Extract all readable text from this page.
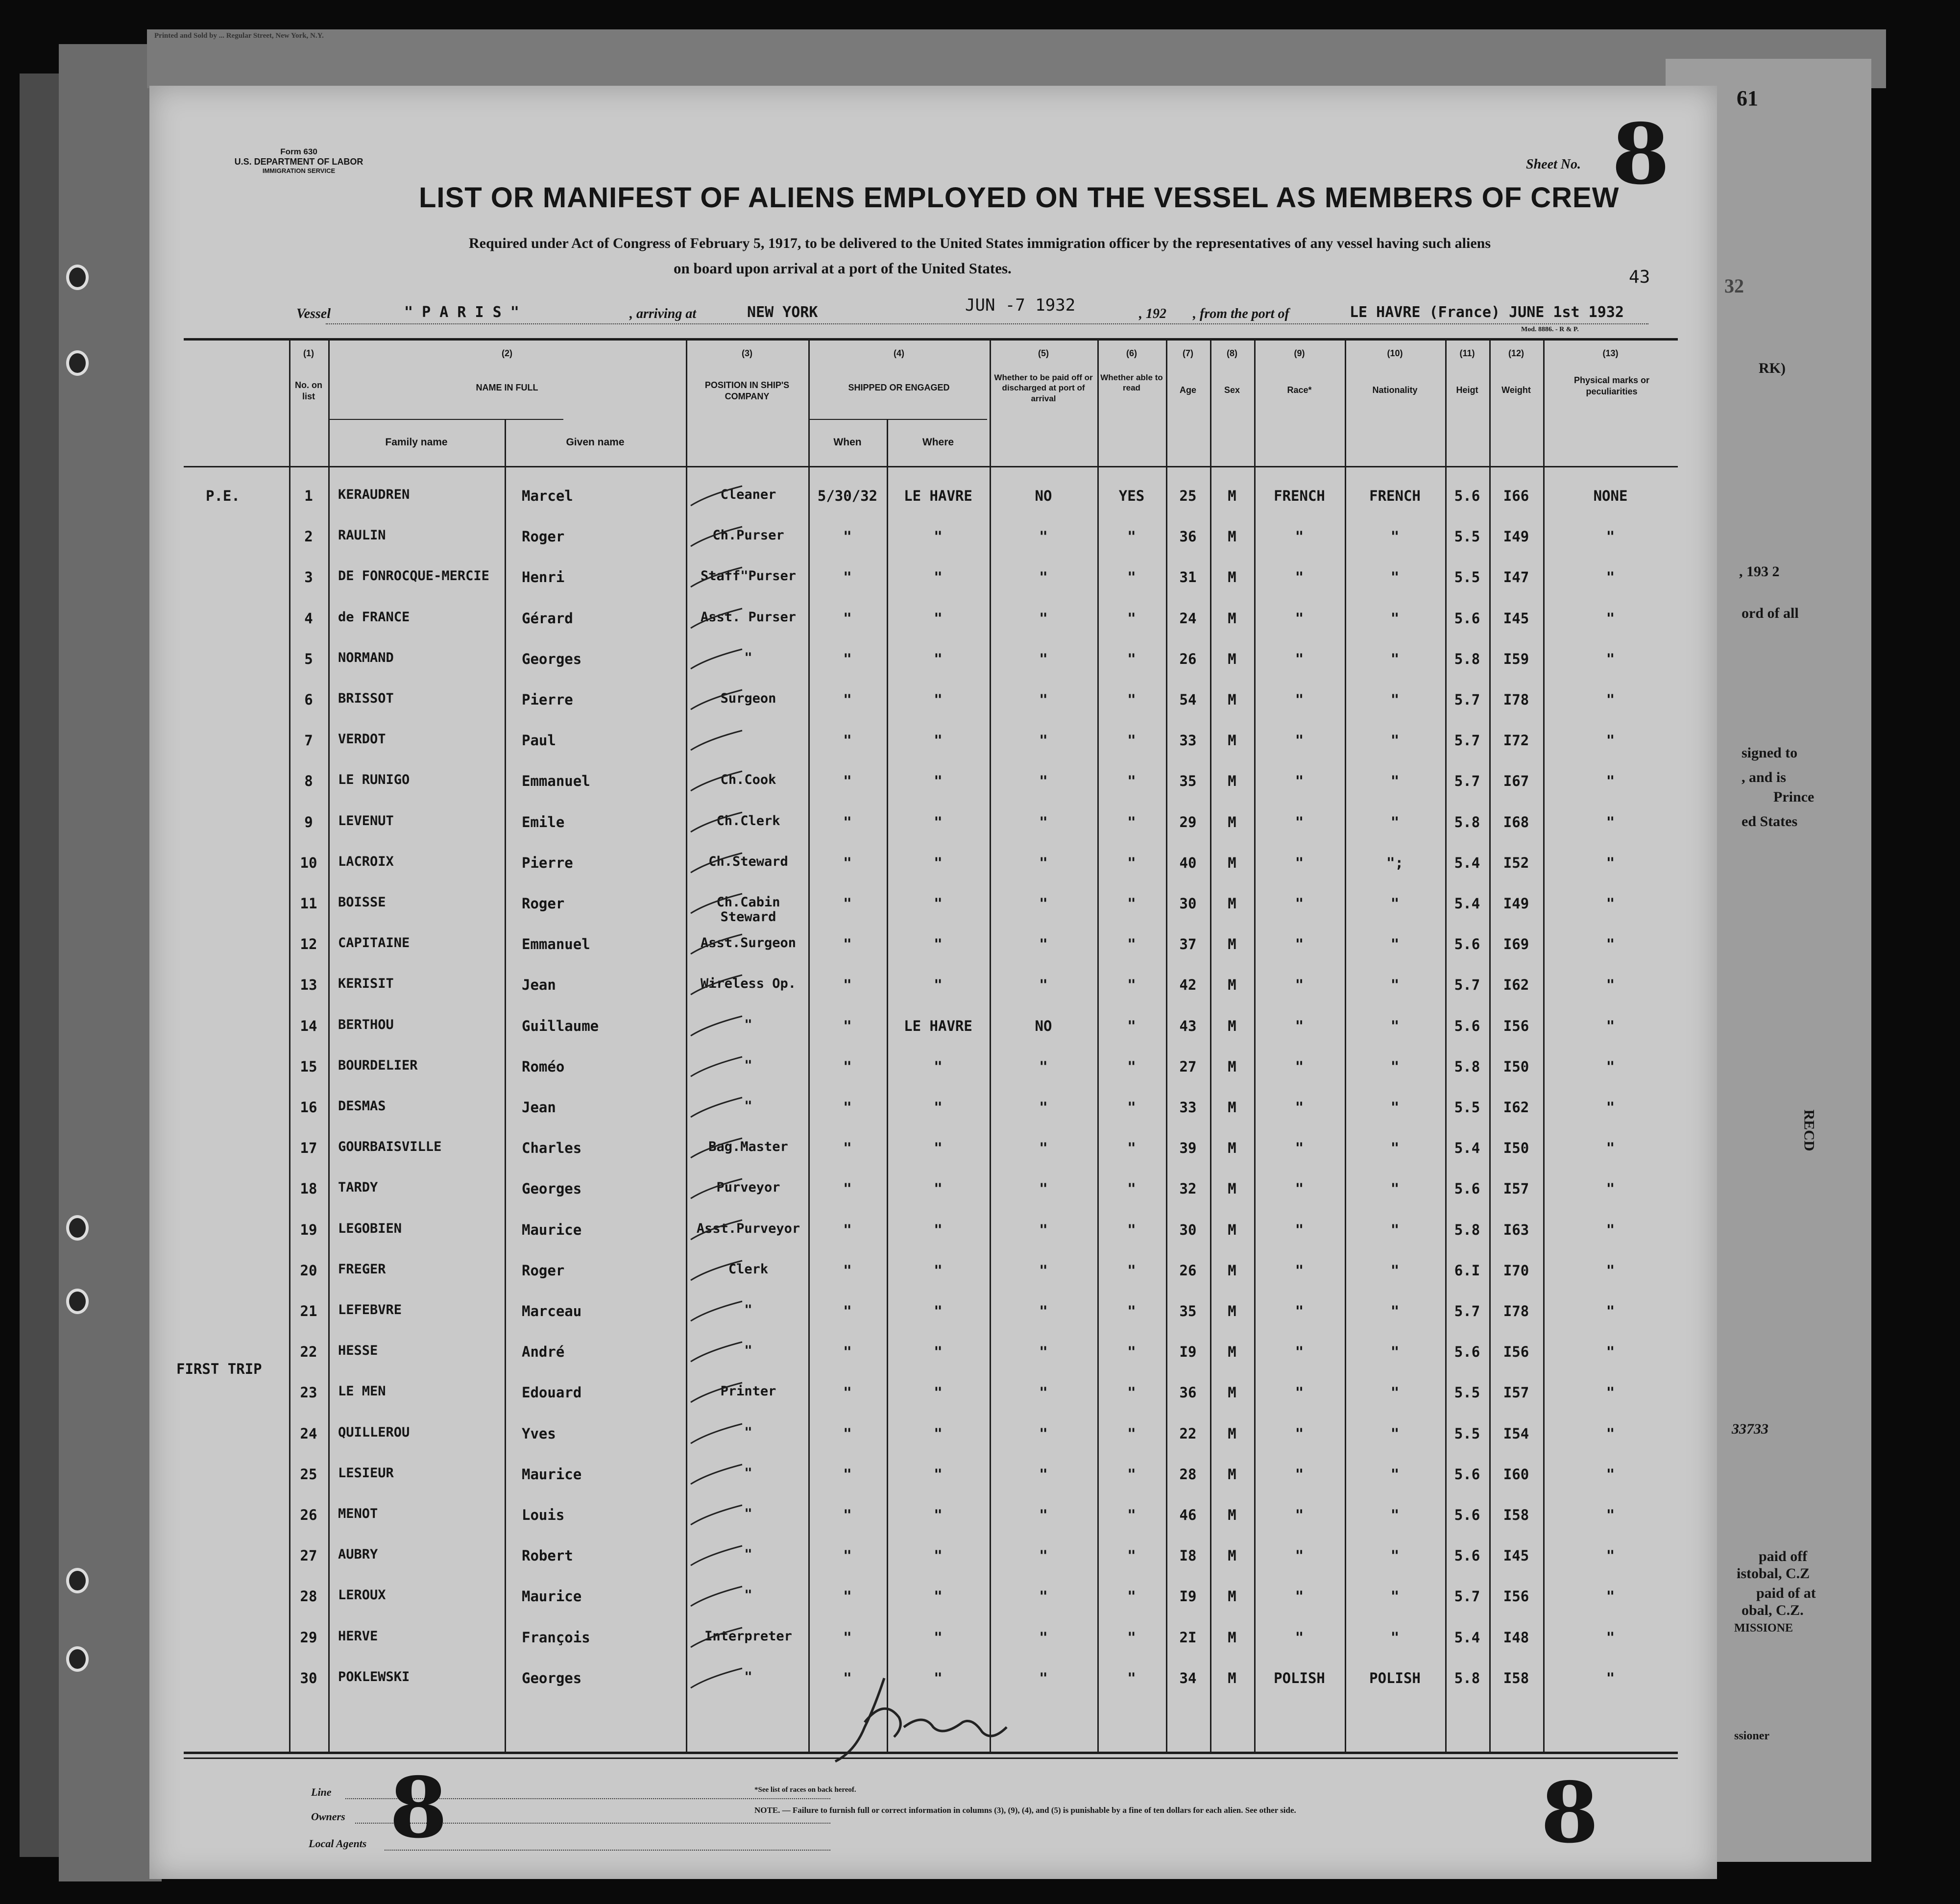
61
32
RK)
, 193 2
ord of all
signed to
, and is
Prince
ed States
RECD
33733
paid off
istobal, C.Z
paid of at
obal, C.Z.
MISSIONE
ssioner
Printed and Sold by ... Regular Street, New York, N.Y.
Form 630
U.S. DEPARTMENT OF LABOR
IMMIGRATION SERVICE	Sheet No. 8
LIST OR MANIFEST OF ALIENS EMPLOYED ON THE VESSEL AS MEMBERS OF CREW
Required under Act of Congress of February 5, 1917, to be delivered to the United States immigration officer by the representatives of any vessel having such aliens
on board upon arrival at a port of the United States.	43
Vessel	" P A R I S "	, arriving at	NEW YORK	JUN -7 1932	, 192 , from the port of	LE HAVRE (France) JUNE 1st 1932
Mod. 8886. - R & P.
(1)
No. on list
(2)
NAME IN FULL
Family name	Given name
(3)
POSITION IN SHIP'S COMPANY
(4)
SHIPPED OR ENGAGED
When	Where
(5)
Whether to be paid off or discharged at port of arrival
(6)
Whether able to read
(7)
Age
(8)
Sex
(9)
Race*
(10)
Nationality
(11)
Heigt
(12)
Weight
(13)
Physical marks or peculiarities
P.E.
FIRST TRIP
1	KERAUDREN	Marcel	Cleaner	5/30/32	LE HAVRE	NO	YES	25	M	FRENCH	FRENCH	5.6	I66	NONE
2	RAULIN	Roger	Ch.Purser	"	"	"	"	36	M	"	"	5.5	I49	"
3	DE FONROCQUE-MERCIE	Henri	Staff"Purser	"	"	"	"	31	M	"	"	5.5	I47	"
4	de FRANCE	Gérard	Asst. Purser	"	"	"	"	24	M	"	"	5.6	I45	"
5	NORMAND	Georges	"	"	"	"	"	26	M	"	"	5.8	I59	"
6	BRISSOT	Pierre	Surgeon	"	"	"	"	54	M	"	"	5.7	I78	"
7	VERDOT	Paul	"	"	"	"	33	M	"	"	5.7	I72	"
8	LE RUNIGO	Emmanuel	Ch.Cook	"	"	"	"	35	M	"	"	5.7	I67	"
9	LEVENUT	Emile	Ch.Clerk	"	"	"	"	29	M	"	"	5.8	I68	"
10	LACROIX	Pierre	Ch.Steward	"	"	"	"	40	M	"	";	5.4	I52	"
11	BOISSE	Roger	Ch.Cabin Steward
"	"	"	"	30	M	"	"	5.4	I49	"
12	CAPITAINE	Emmanuel	Asst.Surgeon	"	"	"	"	37	M	"	"	5.6	I69	"
13	KERISIT	Jean	Wireless Op.	"	"	"	"	42	M	"	"	5.7	I62	"
14	BERTHOU	Guillaume	"	"	LE HAVRE	NO	"	43	M	"	"	5.6	I56	"
15	BOURDELIER	Roméo	"	"	"	"	"	27	M	"	"	5.8	I50	"
16	DESMAS	Jean	"	"	"	"	"	33	M	"	"	5.5	I62	"
17	GOURBAISVILLE	Charles	Bag.Master	"	"	"	"	39	M	"	"	5.4	I50	"
18	TARDY	Georges	Purveyor	"	"	"	"	32	M	"	"	5.6	I57	"
19	LEGOBIEN	Maurice	Asst.Purveyor	"	"	"	"	30	M	"	"	5.8	I63	"
20	FREGER	Roger	Clerk	"	"	"	"	26	M	"	"	6.I	I70	"
21	LEFEBVRE	Marceau	"	"	"	"	"	35	M	"	"	5.7	I78	"
22	HESSE	André	"	"	"	"	"	I9	M	"	"	5.6	I56	"
23	LE MEN	Edouard	Printer	"	"	"	"	36	M	"	"	5.5	I57	"
24	QUILLEROU	Yves	"	"	"	"	"	22	M	"	"	5.5	I54	"
25	LESIEUR	Maurice	"	"	"	"	"	28	M	"	"	5.6	I60	"
26	MENOT	Louis	"	"	"	"	"	46	M	"	"	5.6	I58	"
27	AUBRY	Robert	"	"	"	"	"	I8	M	"	"	5.6	I45	"
28	LEROUX	Maurice	"	"	"	"	"	I9	M	"	"	5.7	I56	"
29	HERVE	François	Interpreter	"	"	"	"	2I	M	"	"	5.4	I48	"
30	POKLEWSKI	Georges	"	"	"	"	"	34	M	POLISH	POLISH	5.8	I58	"
Line
Owners
Local Agents 8	*See list of races on back hereof.
NOTE. — Failure to furnish full or correct information in columns (3), (9), (4), and (5) is punishable by a fine of ten dollars for each alien. See other side.	8
